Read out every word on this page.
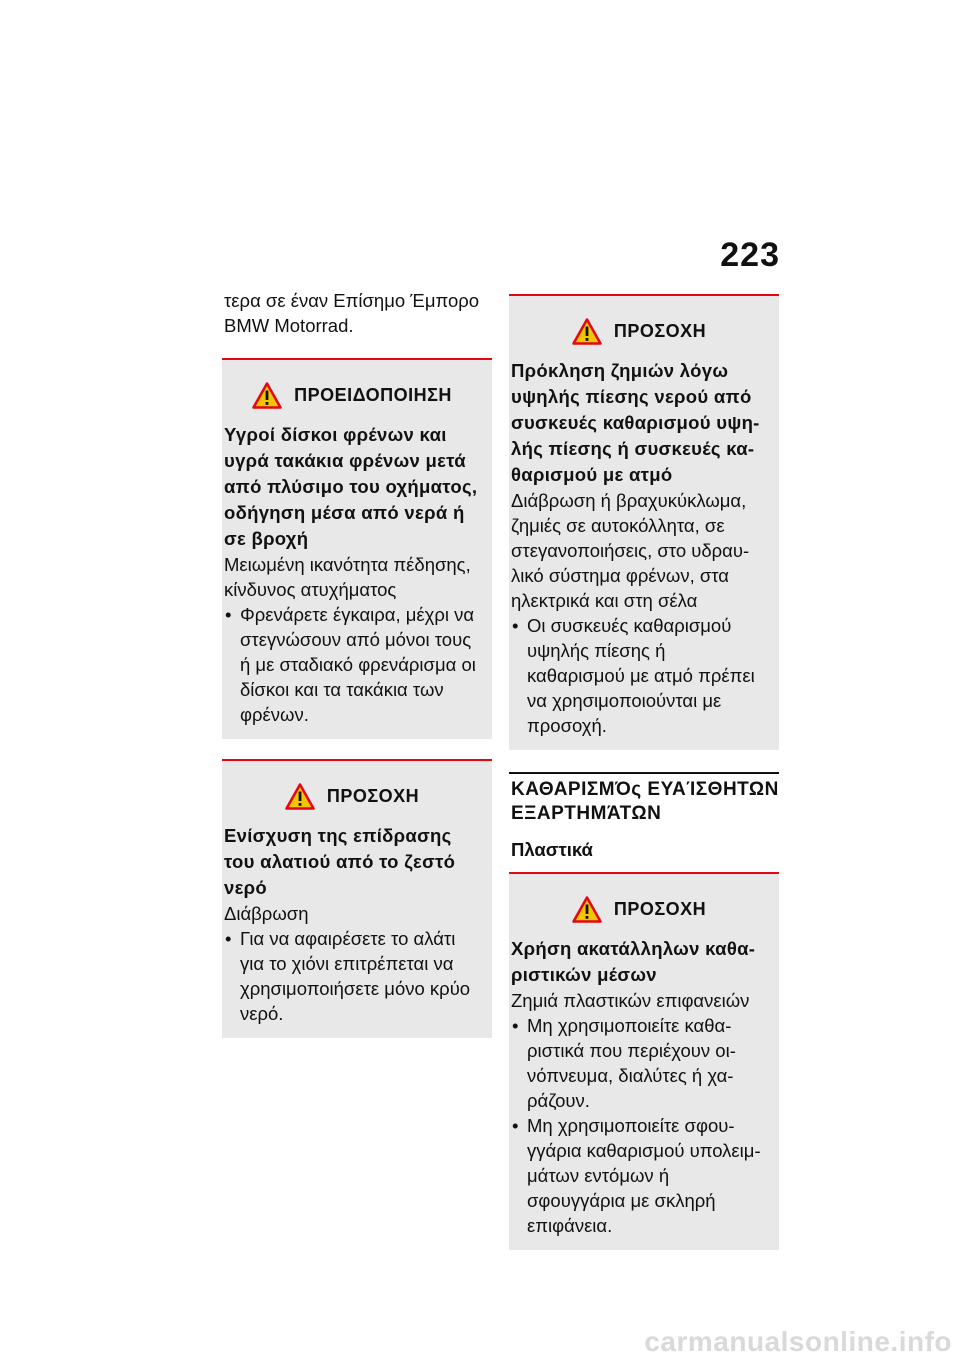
223

τερα σε έναν Επίσημο Έμπορο BMW Motorrad.

ΠΡΟΕΙΔΟΠΟΙΗΣΗ

Υγροί δίσκοι φρένων και υγρά τακάκια φρένων μετά από πλύσιμο του οχήματος, οδήγηση μέσα από νερά ή σε βροχή

Μειωμένη ικανότητα πέδησης, κίνδυνος ατυχήματος

• Φρενάρετε έγκαιρα, μέχρι να στεγνώσουν από μόνοι τους ή με σταδιακό φρενάρισμα οι δίσκοι και τα τακάκια των φρένων.
ΠΡΟΣΟΧΗ

Ενίσχυση της επίδρασης του αλατιού από το ζεστό νερό

Διάβρωση

• Για να αφαιρέσετε το αλάτι για το χιόνι επιτρέπεται να χρησιμοποιήσετε μόνο κρύο νερό.
ΠΡΟΣΟΧΗ

Πρόκληση ζημιών λόγω υψηλής πίεσης νερού από συσκευές καθαρισμού υψηλής πίεσης ή συσκευές καθαρισμού με ατμό

Διάβρωση ή βραχυκύκλωμα, ζημιές σε αυτοκόλλητα, σε στεγανοποιήσεις, στο υδραυλικό σύστημα φρένων, στα ηλεκτρικά και στη σέλα

• Οι συσκευές καθαρισμού υψηλής πίεσης ή καθαρισμού με ατμό πρέπει να χρησιμοποιούνται με προσοχή.
ΚΑΘΑΡΙΣΜΌς ΕΥΑΊΣΘΗΤΩΝ ΕΞΑΡΤΗΜΆΤΩΝ
Πλαστικά
ΠΡΟΣΟΧΗ

Χρήση ακατάλληλων καθαριστικών μέσων

Ζημιά πλαστικών επιφανειών

• Μη χρησιμοποιείτε καθαριστικά που περιέχουν οινόπνευμα, διαλύτες ή χαράζουν.
• Μη χρησιμοποιείτε σφουγγάρια καθαρισμού υπολειμμάτων εντόμων ή σφουγγάρια με σκληρή επιφάνεια.
carmanualsonline.info
